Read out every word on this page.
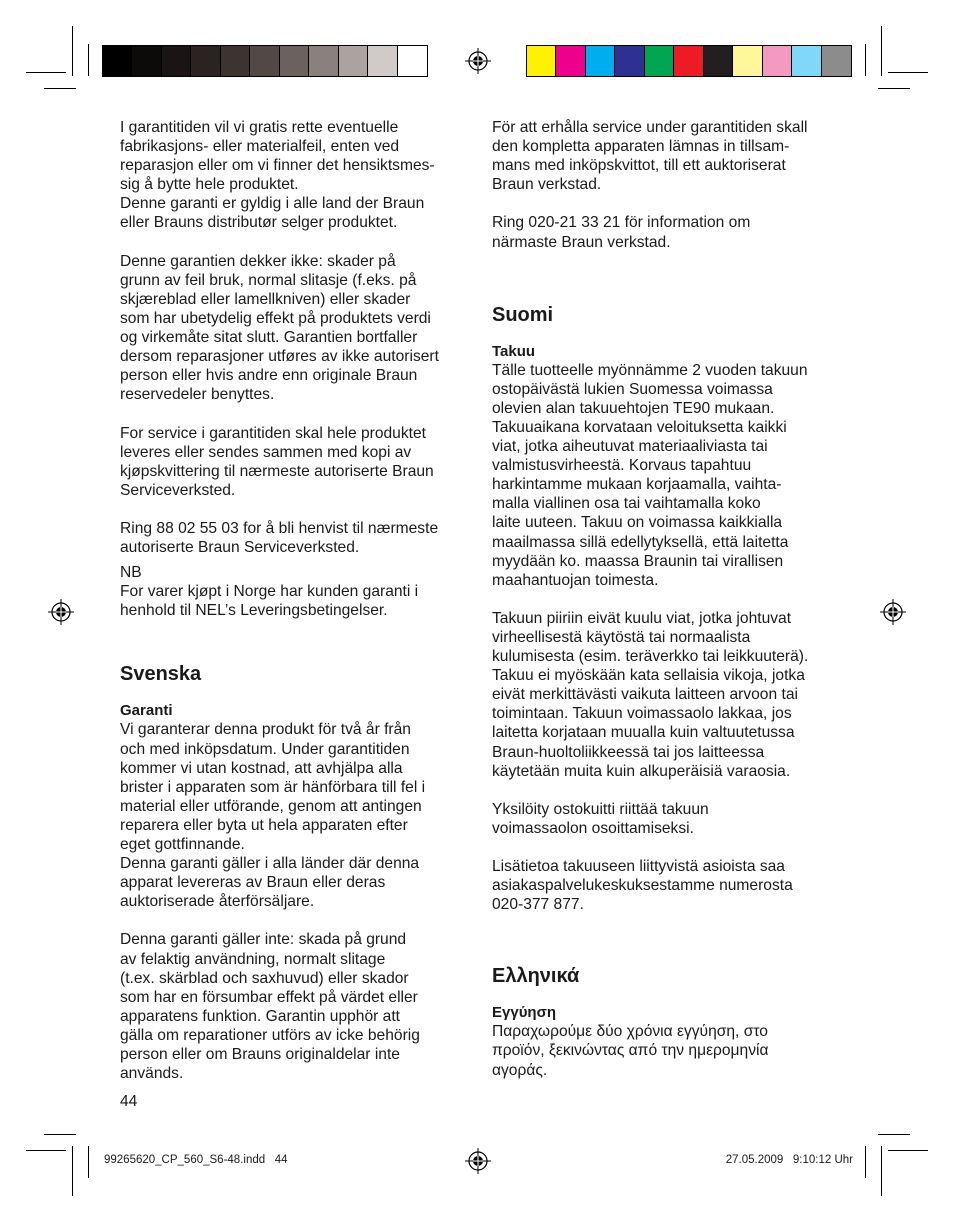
I garantitiden vil vi gratis rette eventuelle
fabrikasjons- eller materialfeil, enten ved
reparasjon eller om vi finner det hensiktsmes-
sig å bytte hele produktet.
Denne garanti er gyldig i alle land der Braun
eller Brauns distributør selger produktet.

Denne garantien dekker ikke: skader på
grunn av feil bruk, normal slitasje (f.eks. på
skjæreblad eller lamellkniven) eller skader
som har ubetydelig effekt på produktets verdi
og virkemåte sitat slutt. Garantien bortfaller
dersom reparasjoner utføres av ikke autorisert
person eller hvis andre enn originale Braun
reservedeler benyttes.

For service i garantitiden skal hele produktet
leveres eller sendes sammen med kopi av
kjøpskvittering til nærmeste autoriserte Braun
Serviceverksted.

Ring 88 02 55 03 for å bli henvist til nærmeste
autoriserte Braun Serviceverksted.

NB
For varer kjøpt i Norge har kunden garanti i
henhold til NEL’s Leveringsbetingelser.

Svenska
Garanti

Vi garanterar denna produkt för två år från
och med inköpsdatum. Under garantitiden
kommer vi utan kostnad, att avhjälpa alla
brister i apparaten som är hänförbara till fel i
material eller utförande, genom att antingen
reparera eller byta ut hela apparaten efter
eget gottfinnande.
Denna garanti gäller i alla länder där denna
apparat levereras av Braun eller deras
auktoriserade återförsäljare.

Denna garanti gäller inte: skada på grund
av felaktig användning, normalt slitage
(t.ex. skärblad och saxhuvud) eller skador
som har en försumbar effekt på värdet eller
apparatens funktion. Garantin upphör att
gälla om reparationer utförs av icke behörig
person eller om Brauns originaldelar inte
används.

För att erhålla service under garantitiden skall
den kompletta apparaten lämnas in tillsam-
mans med inköpskvittot, till ett auktoriserat
Braun verkstad.

Ring 020-21 33 21 för information om
närmaste Braun verkstad.

Suomi
Takuu

Tälle tuotteelle myönnämme 2 vuoden takuun
ostopäivästä lukien Suomessa voimassa
olevien alan takuuehtojen TE90 mukaan.
Takuuaikana korvataan veloituksetta kaikki
viat, jotka aiheutuvat materiaaliviasta tai
valmistusvirheestä. Korvaus tapahtuu
harkintamme mukaan korjaamalla, vaihta-
malla viallinen osa tai vaihtamalla koko
laite uuteen. Takuu on voimassa kaikkialla
maailmassa sillä edellytyksellä, että laitetta
myydään ko. maassa Braunin tai virallisen
maahantuojan toimesta.

Takuun piiriin eivät kuulu viat, jotka johtuvat
virheellisestä käytöstä tai normaalista
kulumisesta (esim. teräverkko tai leikkuuterä).
Takuu ei myöskään kata sellaisia vikoja, jotka
eivät merkittävästi vaikuta laitteen arvoon tai
toimintaan. Takuun voimassaolo lakkaa, jos
laitetta korjataan muualla kuin valtuutetussa
Braun-huoltoliikkeessä tai jos laitteessa
käytetään muita kuin alkuperäisiä varaosia.

Yksilöity ostokuitti riittää takuun
voimassaolon osoittamiseksi.

Lisätietoa takuuseen liittyvistä asioista saa
asiakaspalvelukeskuksestamme numerosta
020-377 877.

Ελληνικά
Εγγύηση

Παραχωρούμε δύο χρόνια εγγύηση, στο
προϊόν, ξεκινώντας από την ημερομηνία
αγοράς.

44
99265620_CP_560_S6-48.indd   44	27.05.2009   9:10:12 Uhr
